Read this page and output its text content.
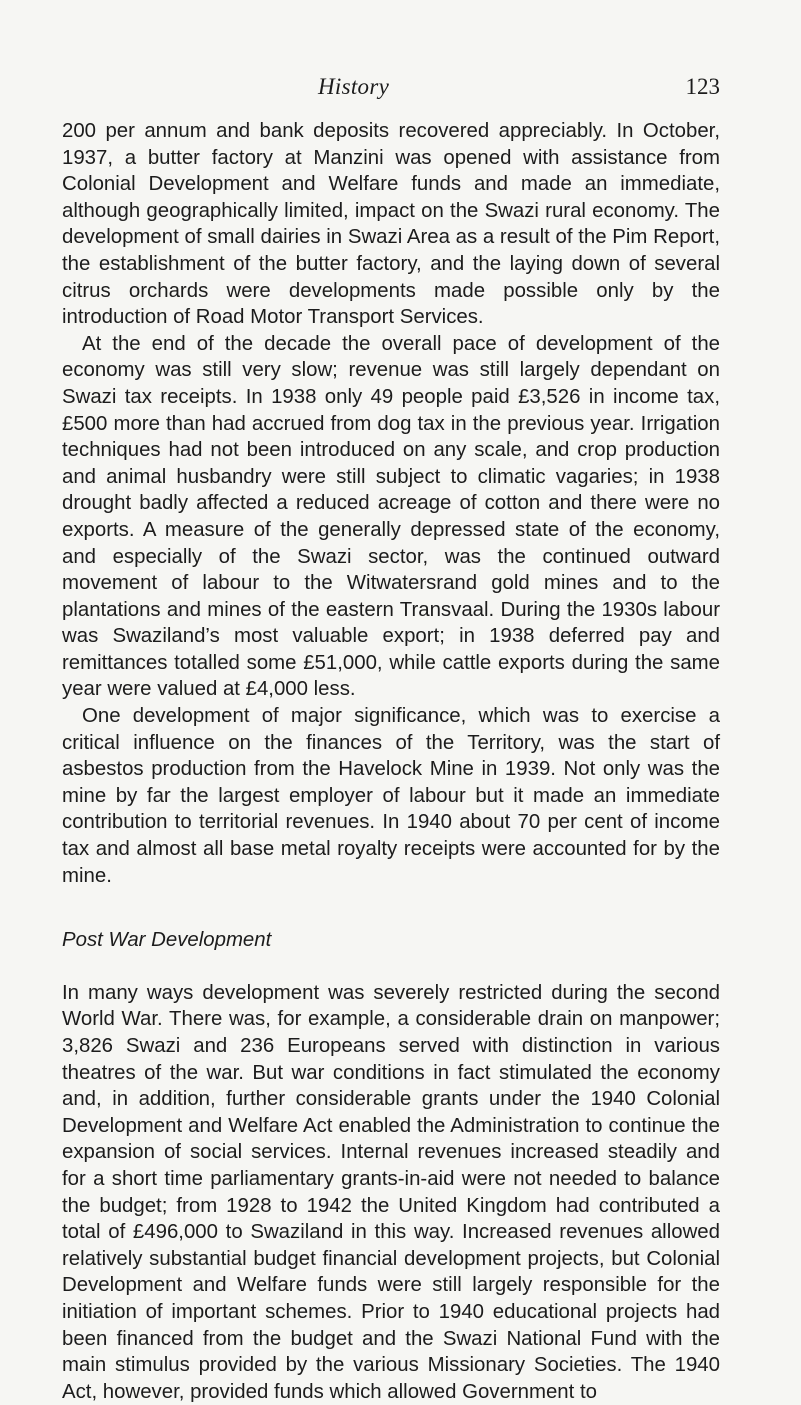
History	123

200 per annum and bank deposits recovered appreciably. In October, 1937, a butter factory at Manzini was opened with assistance from Colonial Development and Welfare funds and made an immediate, although geographically limited, impact on the Swazi rural economy. The development of small dairies in Swazi Area as a result of the Pim Report, the establishment of the butter factory, and the laying down of several citrus orchards were developments made possible only by the introduction of Road Motor Transport Services.

At the end of the decade the overall pace of development of the economy was still very slow; revenue was still largely dependant on Swazi tax receipts. In 1938 only 49 people paid £3,526 in income tax, £500 more than had accrued from dog tax in the previous year. Irrigation techniques had not been introduced on any scale, and crop production and animal husbandry were still subject to climatic vagaries; in 1938 drought badly affected a reduced acreage of cotton and there were no exports. A measure of the generally depressed state of the economy, and especially of the Swazi sector, was the continued outward movement of labour to the Witwatersrand gold mines and to the plantations and mines of the eastern Transvaal. During the 1930s labour was Swaziland’s most valuable export; in 1938 deferred pay and remittances totalled some £51,000, while cattle exports during the same year were valued at £4,000 less.

One development of major significance, which was to exercise a critical influence on the finances of the Territory, was the start of asbestos production from the Havelock Mine in 1939. Not only was the mine by far the largest employer of labour but it made an immediate contribution to territorial revenues. In 1940 about 70 per cent of income tax and almost all base metal royalty receipts were accounted for by the mine.

Post War Development

In many ways development was severely restricted during the second World War. There was, for example, a considerable drain on manpower; 3,826 Swazi and 236 Europeans served with distinction in various theatres of the war. But war conditions in fact stimulated the economy and, in addition, further considerable grants under the 1940 Colonial Development and Welfare Act enabled the Administration to continue the expansion of social services. Internal revenues increased steadily and for a short time parliamentary grants-in-aid were not needed to balance the budget; from 1928 to 1942 the United Kingdom had contributed a total of £496,000 to Swaziland in this way. Increased revenues allowed relatively substantial budget financial development projects, but Colonial Development and Welfare funds were still largely responsible for the initiation of important schemes. Prior to 1940 educational projects had been financed from the budget and the Swazi National Fund with the main stimulus provided by the various Missionary Societies. The 1940 Act, however, provided funds which allowed Government to
